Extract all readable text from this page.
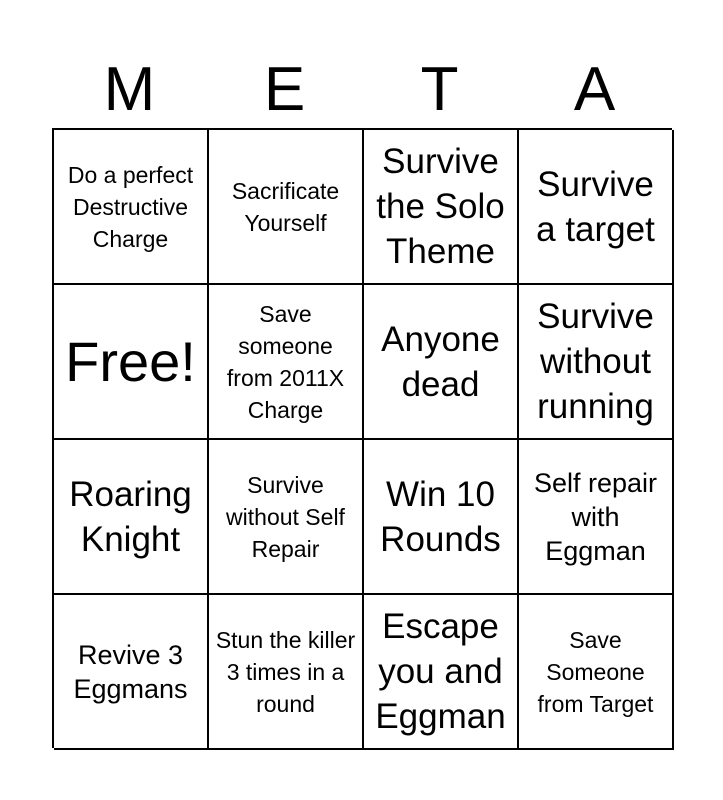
M	E	T	A
Do a perfect Destructive Charge
Sacrificate Yourself
Survive the Solo Theme
Survive a target
Free!
Save someone from 2011X Charge
Anyone dead
Survive without running
Roaring Knight
Survive without Self Repair
Win 10 Rounds
Self repair with Eggman
Revive 3 Eggmans
Stun the killer 3 times in a round
Escape you and Eggman
Save Someone from Target
